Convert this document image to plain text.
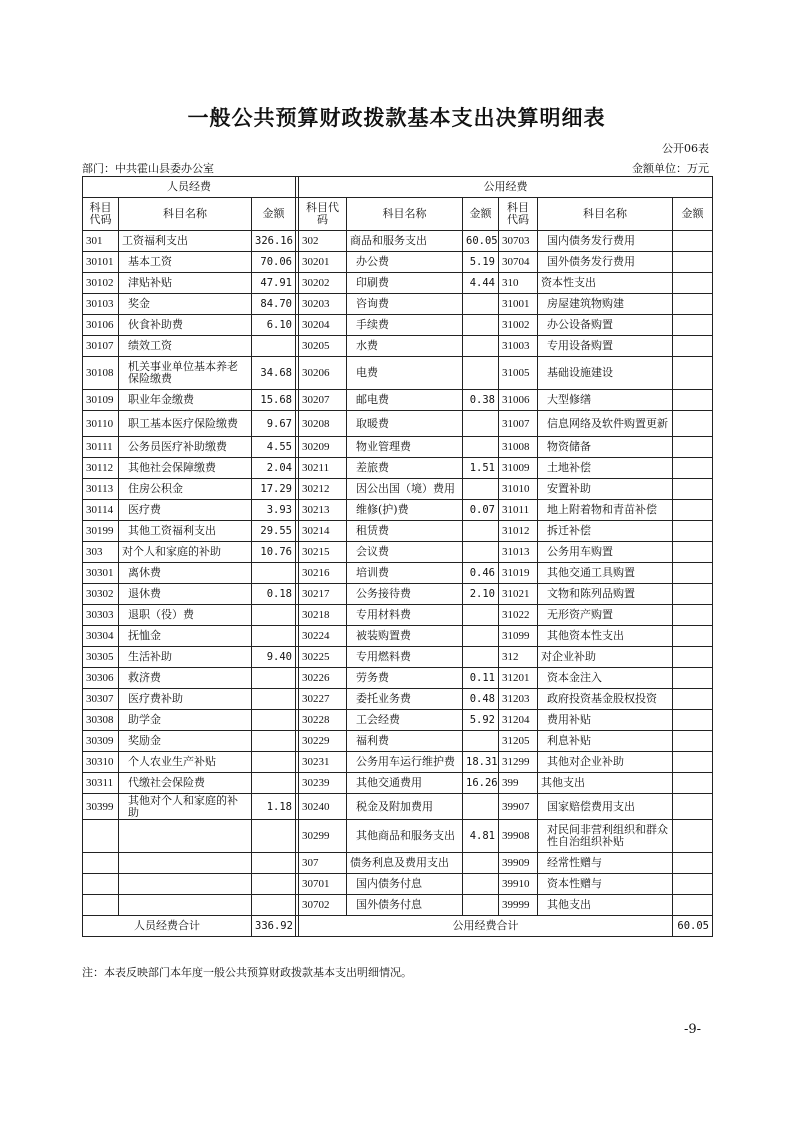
一般公共预算财政拨款基本支出决算明细表
公开06表
部门：中共霍山县委办公室	金额单位：万元
人员经费				公用经费					
科目代码	科目名称	金额		科目代码	科目名称	金额	科目代码	科目名称	金额
301	工资福利支出	326.16		302	商品和服务支出	60.05	30703	国内债务发行费用	
30101	基本工资	70.06		30201	办公费	5.19	30704	国外债务发行费用	
30102	津贴补贴	47.91		30202	印刷费	4.44	310	资本性支出	
30103	奖金	84.70		30203	咨询费		31001	房屋建筑物购建	
30106	伙食补助费	6.10		30204	手续费		31002	办公设备购置	
30107	绩效工资			30205	水费		31003	专用设备购置	
30108	机关事业单位基本养老保险缴费	34.68		30206	电费		31005	基础设施建设	
30109	职业年金缴费	15.68		30207	邮电费	0.38	31006	大型修缮	
30110	职工基本医疗保险缴费	9.67		30208	取暖费		31007	信息网络及软件购置更新	
30111	公务员医疗补助缴费	4.55		30209	物业管理费		31008	物资储备	
30112	其他社会保障缴费	2.04		30211	差旅费	1.51	31009	土地补偿	
30113	住房公积金	17.29		30212	因公出国（境）费用		31010	安置补助	
30114	医疗费	3.93		30213	维修(护)费	0.07	31011	地上附着物和青苗补偿	
30199	其他工资福利支出	29.55		30214	租赁费		31012	拆迁补偿	
303	对个人和家庭的补助	10.76		30215	会议费		31013	公务用车购置	
30301	离休费			30216	培训费	0.46	31019	其他交通工具购置	
30302	退休费	0.18		30217	公务接待费	2.10	31021	文物和陈列品购置	
30303	退职（役）费			30218	专用材料费		31022	无形资产购置	
30304	抚恤金			30224	被装购置费		31099	其他资本性支出	
30305	生活补助	9.40		30225	专用燃料费		312	对企业补助	
30306	救济费			30226	劳务费	0.11	31201	资本金注入	
30307	医疗费补助			30227	委托业务费	0.48	31203	政府投资基金股权投资	
30308	助学金			30228	工会经费	5.92	31204	费用补贴	
30309	奖励金			30229	福利费		31205	利息补贴	
30310	个人农业生产补贴			30231	公务用车运行维护费	18.31	31299	其他对企业补助	
30311	代缴社会保险费			30239	其他交通费用	16.26	399	其他支出	
30399	其他对个人和家庭的补助	1.18		30240	税金及附加费用		39907	国家赔偿费用支出	
				30299	其他商品和服务支出	4.81	39908	对民间非营利组织和群众性自治组织补贴	
				307	债务利息及费用支出		39909	经常性赠与	
				30701	国内债务付息		39910	资本性赠与	
				30702	国外债务付息		39999	其他支出	
人员经费合计		336.92		公用经费合计					60.05
注：本表反映部门本年度一般公共预算财政拨款基本支出明细情况。
-9-
